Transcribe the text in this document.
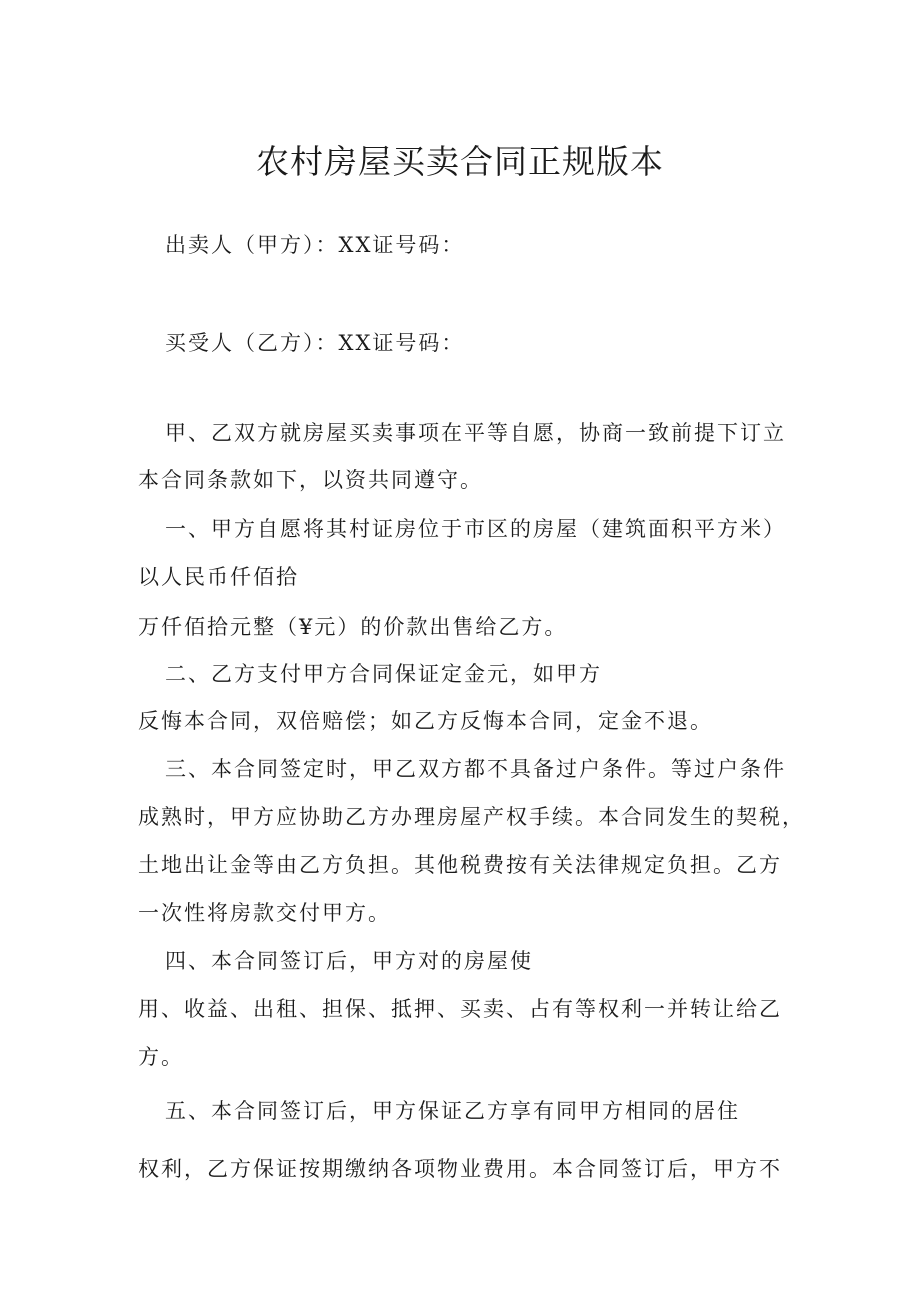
农村房屋买卖合同正规版本
出卖人（甲方）：XX证号码：
买受人（乙方）：XX证号码：
甲、乙双方就房屋买卖事项在平等自愿，协商一致前提下订立
本合同条款如下，以资共同遵守。
一、甲方自愿将其村证房位于市区的房屋（建筑面积平方米）
以人民币仟佰拾
万仟佰拾元整（¥元）的价款出售给乙方。
二、乙方支付甲方合同保证定金元，如甲方
反悔本合同，双倍赔偿；如乙方反悔本合同，定金不退。
三、本合同签定时，甲乙双方都不具备过户条件。等过户条件
成熟时，甲方应协助乙方办理房屋产权手续。本合同发生的契税，
土地出让金等由乙方负担。其他税费按有关法律规定负担。乙方
一次性将房款交付甲方。
四、本合同签订后，甲方对的房屋使
用、收益、出租、担保、抵押、买卖、占有等权利一并转让给乙
方。
五、本合同签订后，甲方保证乙方享有同甲方相同的居住
权利，乙方保证按期缴纳各项物业费用。本合同签订后，甲方不
